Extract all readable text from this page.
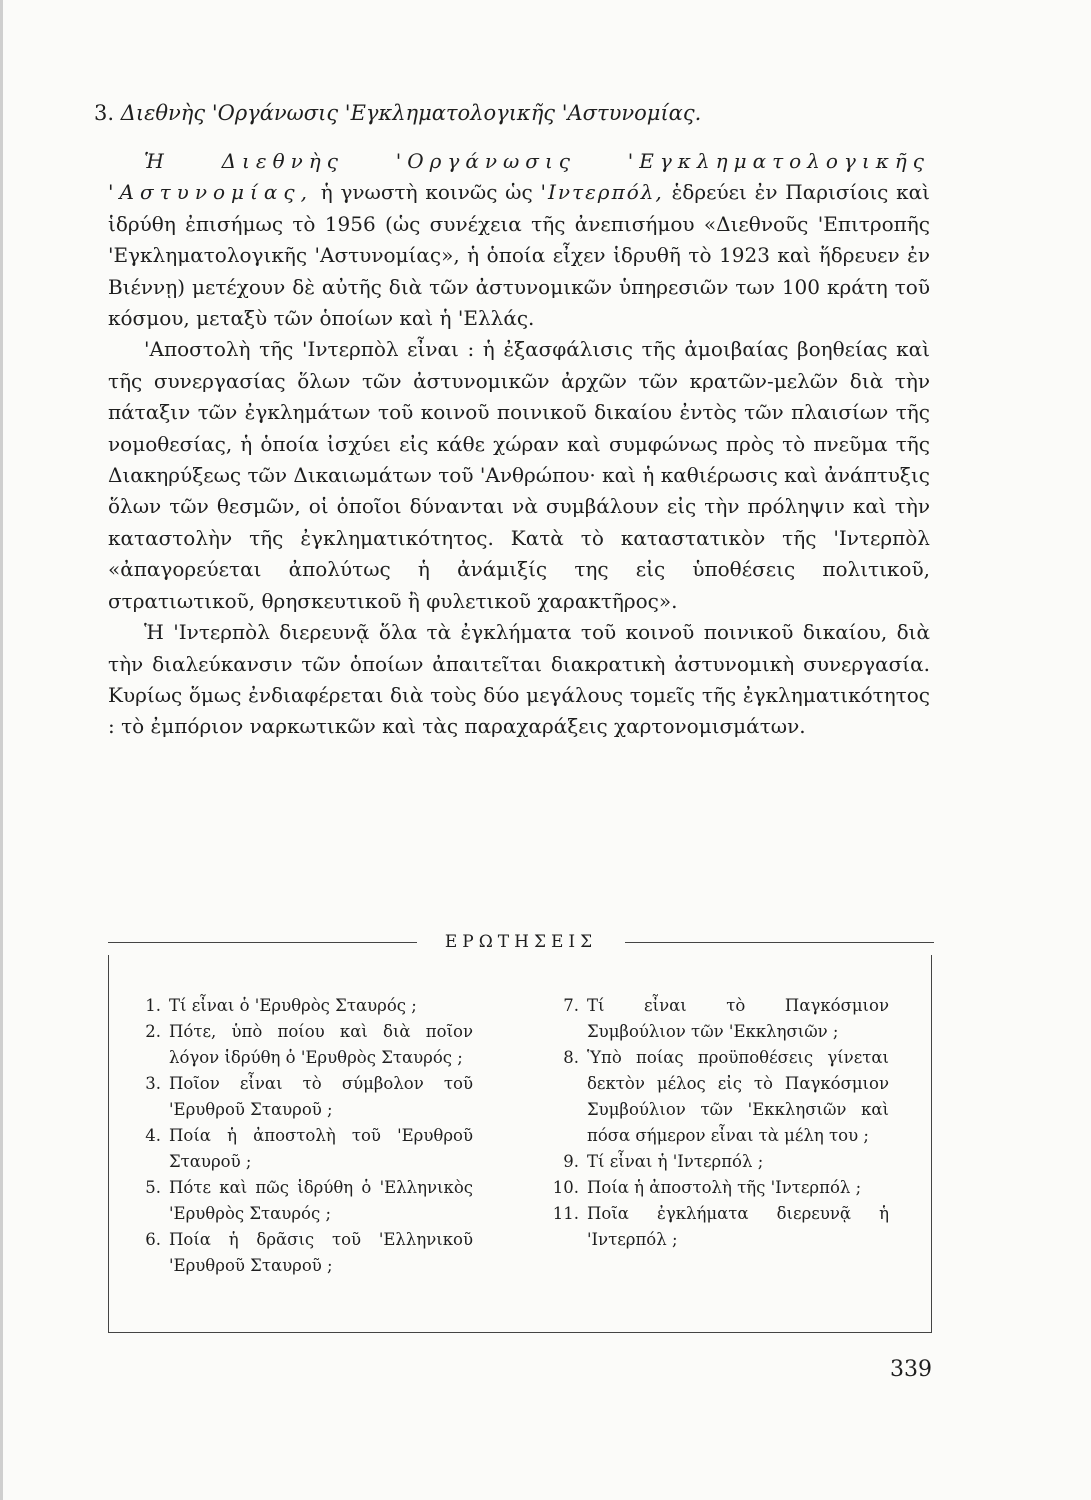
3. Διεθνὴς 'Οργάνωσις 'Εγκληματολογικῆς 'Αστυνομίας.

Ἡ Διεθνὴς 'Οργάνωσις 'Εγκληματολογικῆς 'Αστυνομίας, ἡ γνωστὴ κοινῶς ὡς 'Ιντερπόλ, ἑδρεύει ἐν Παρισίοις καὶ ἱδρύθη ἐπισήμως τὸ 1956 (ὡς συνέχεια τῆς ἀνεπισήμου «Διεθνοῦς 'Επιτροπῆς 'Εγκληματολογικῆς 'Αστυνομίας», ἡ ὁποία εἶχεν ἱδρυθῆ τὸ 1923 καὶ ἥδρευεν ἐν Βιέννῃ) μετέχουν δὲ αὐτῆς διὰ τῶν ἀστυνομικῶν ὑπηρεσιῶν των 100 κράτη τοῦ κόσμου, μεταξὺ τῶν ὁποίων καὶ ἡ 'Ελλάς.

'Αποστολὴ τῆς 'Ιντερπὸλ εἶναι : ἡ ἐξασφάλισις τῆς ἀμοιβαίας βοηθείας καὶ τῆς συνεργασίας ὅλων τῶν ἀστυνομικῶν ἀρχῶν τῶν κρατῶν-μελῶν διὰ τὴν πάταξιν τῶν ἐγκλημάτων τοῦ κοινοῦ ποινικοῦ δικαίου ἐντὸς τῶν πλαισίων τῆς νομοθεσίας, ἡ ὁποία ἰσχύει εἰς κάθε χώραν καὶ συμφώνως πρὸς τὸ πνεῦμα τῆς Διακηρύξεως τῶν Δικαιωμάτων τοῦ 'Ανθρώπου· καὶ ἡ καθιέρωσις καὶ ἀνάπτυξις ὅλων τῶν θεσμῶν, οἱ ὁποῖοι δύνανται νὰ συμβάλουν εἰς τὴν πρόληψιν καὶ τὴν καταστολὴν τῆς ἐγκληματικότητος. Κατὰ τὸ καταστατικὸν τῆς 'Ιντερπὸλ «ἀπαγορεύεται ἀπολύτως ἡ ἀνάμιξίς της εἰς ὑποθέσεις πολιτικοῦ, στρατιωτικοῦ, θρησκευτικοῦ ἢ φυλετικοῦ χαρακτῆρος».

Ἡ 'Ιντερπὸλ διερευνᾷ ὅλα τὰ ἐγκλήματα τοῦ κοινοῦ ποινικοῦ δικαίου, διὰ τὴν διαλεύκανσιν τῶν ὁποίων ἀπαιτεῖται διακρατικὴ ἀστυνομικὴ συνεργασία. Κυρίως ὅμως ἐνδιαφέρεται διὰ τοὺς δύο μεγάλους τομεῖς τῆς ἐγκληματικότητος : τὸ ἐμπόριον ναρκωτικῶν καὶ τὰς παραχαράξεις χαρτονομισμάτων.

ΕΡΩΤΗΣΕΙΣ
1. Τί εἶναι ὁ 'Ερυθρὸς Σταυρός ;
2. Πότε, ὑπὸ ποίου καὶ διὰ ποῖον λόγον ἱδρύθη ὁ 'Ερυθρὸς Σταυρός ;
3. Ποῖον εἶναι τὸ σύμβολον τοῦ 'Ερυθροῦ Σταυροῦ ;
4. Ποία ἡ ἀποστολὴ τοῦ 'Ερυθροῦ Σταυροῦ ;
5. Πότε καὶ πῶς ἱδρύθη ὁ 'Ελληνικὸς 'Ερυθρὸς Σταυρός ;
6. Ποία ἡ δρᾶσις τοῦ 'Ελληνικοῦ 'Ερυθροῦ Σταυροῦ ;
7. Τί εἶναι τὸ Παγκόσμιον Συμβούλιον τῶν 'Εκκλησιῶν ;
8. Ὑπὸ ποίας προϋποθέσεις γίνεται δεκτὸν μέλος εἰς τὸ Παγκόσμιον Συμβούλιον τῶν 'Εκκλησιῶν καὶ πόσα σήμερον εἶναι τὰ μέλη του ;
9. Τί εἶναι ἡ 'Ιντερπόλ ;
10. Ποία ἡ ἀποστολὴ τῆς 'Ιντερπόλ ;
11. Ποῖα ἐγκλήματα διερευνᾷ ἡ 'Ιντερπόλ ;
339
